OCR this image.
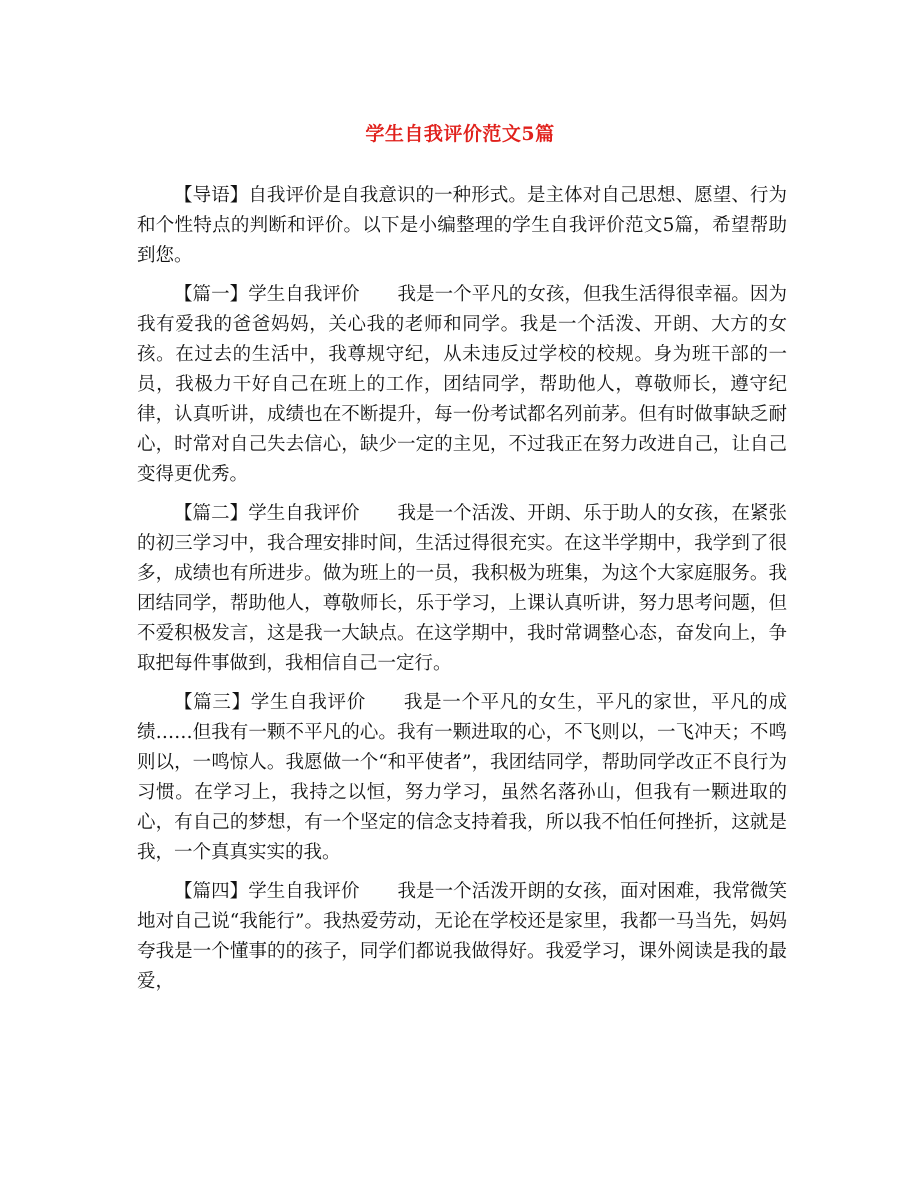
学生自我评价范文5篇

【导语】自我评价是自我意识的一种形式。是主体对自己思想、愿望、行为和个性特点的判断和评价。以下是小编整理的学生自我评价范文5篇，希望帮助到您。

【篇一】学生自我评价 我是一个平凡的女孩，但我生活得很幸福。因为我有爱我的爸爸妈妈，关心我的老师和同学。我是一个活泼、开朗、大方的女孩。在过去的生活中，我尊规守纪，从未违反过学校的校规。身为班干部的一员，我极力干好自己在班上的工作，团结同学，帮助他人，尊敬师长，遵守纪律，认真听讲，成绩也在不断提升，每一份考试都名列前茅。但有时做事缺乏耐心，时常对自己失去信心，缺少一定的主见，不过我正在努力改进自己，让自己变得更优秀。

【篇二】学生自我评价 我是一个活泼、开朗、乐于助人的女孩，在紧张的初三学习中，我合理安排时间，生活过得很充实。在这半学期中，我学到了很多，成绩也有所进步。做为班上的一员，我积极为班集，为这个大家庭服务。我团结同学，帮助他人，尊敬师长，乐于学习，上课认真听讲，努力思考问题，但不爱积极发言，这是我一大缺点。在这学期中，我时常调整心态，奋发向上，争取把每件事做到，我相信自己一定行。

【篇三】学生自我评价 我是一个平凡的女生，平凡的家世，平凡的成绩……但我有一颗不平凡的心。我有一颗进取的心，不飞则以，一飞冲天；不鸣则以，一鸣惊人。我愿做一个“和平使者”，我团结同学，帮助同学改正不良行为习惯。在学习上，我持之以恒，努力学习，虽然名落孙山，但我有一颗进取的心，有自己的梦想，有一个坚定的信念支持着我，所以我不怕任何挫折，这就是我，一个真真实实的我。

【篇四】学生自我评价 我是一个活泼开朗的女孩，面对困难，我常微笑地对自己说“我能行”。我热爱劳动，无论在学校还是家里，我都一马当先，妈妈夸我是一个懂事的的孩子，同学们都说我做得好。我爱学习，课外阅读是我的最爱，
